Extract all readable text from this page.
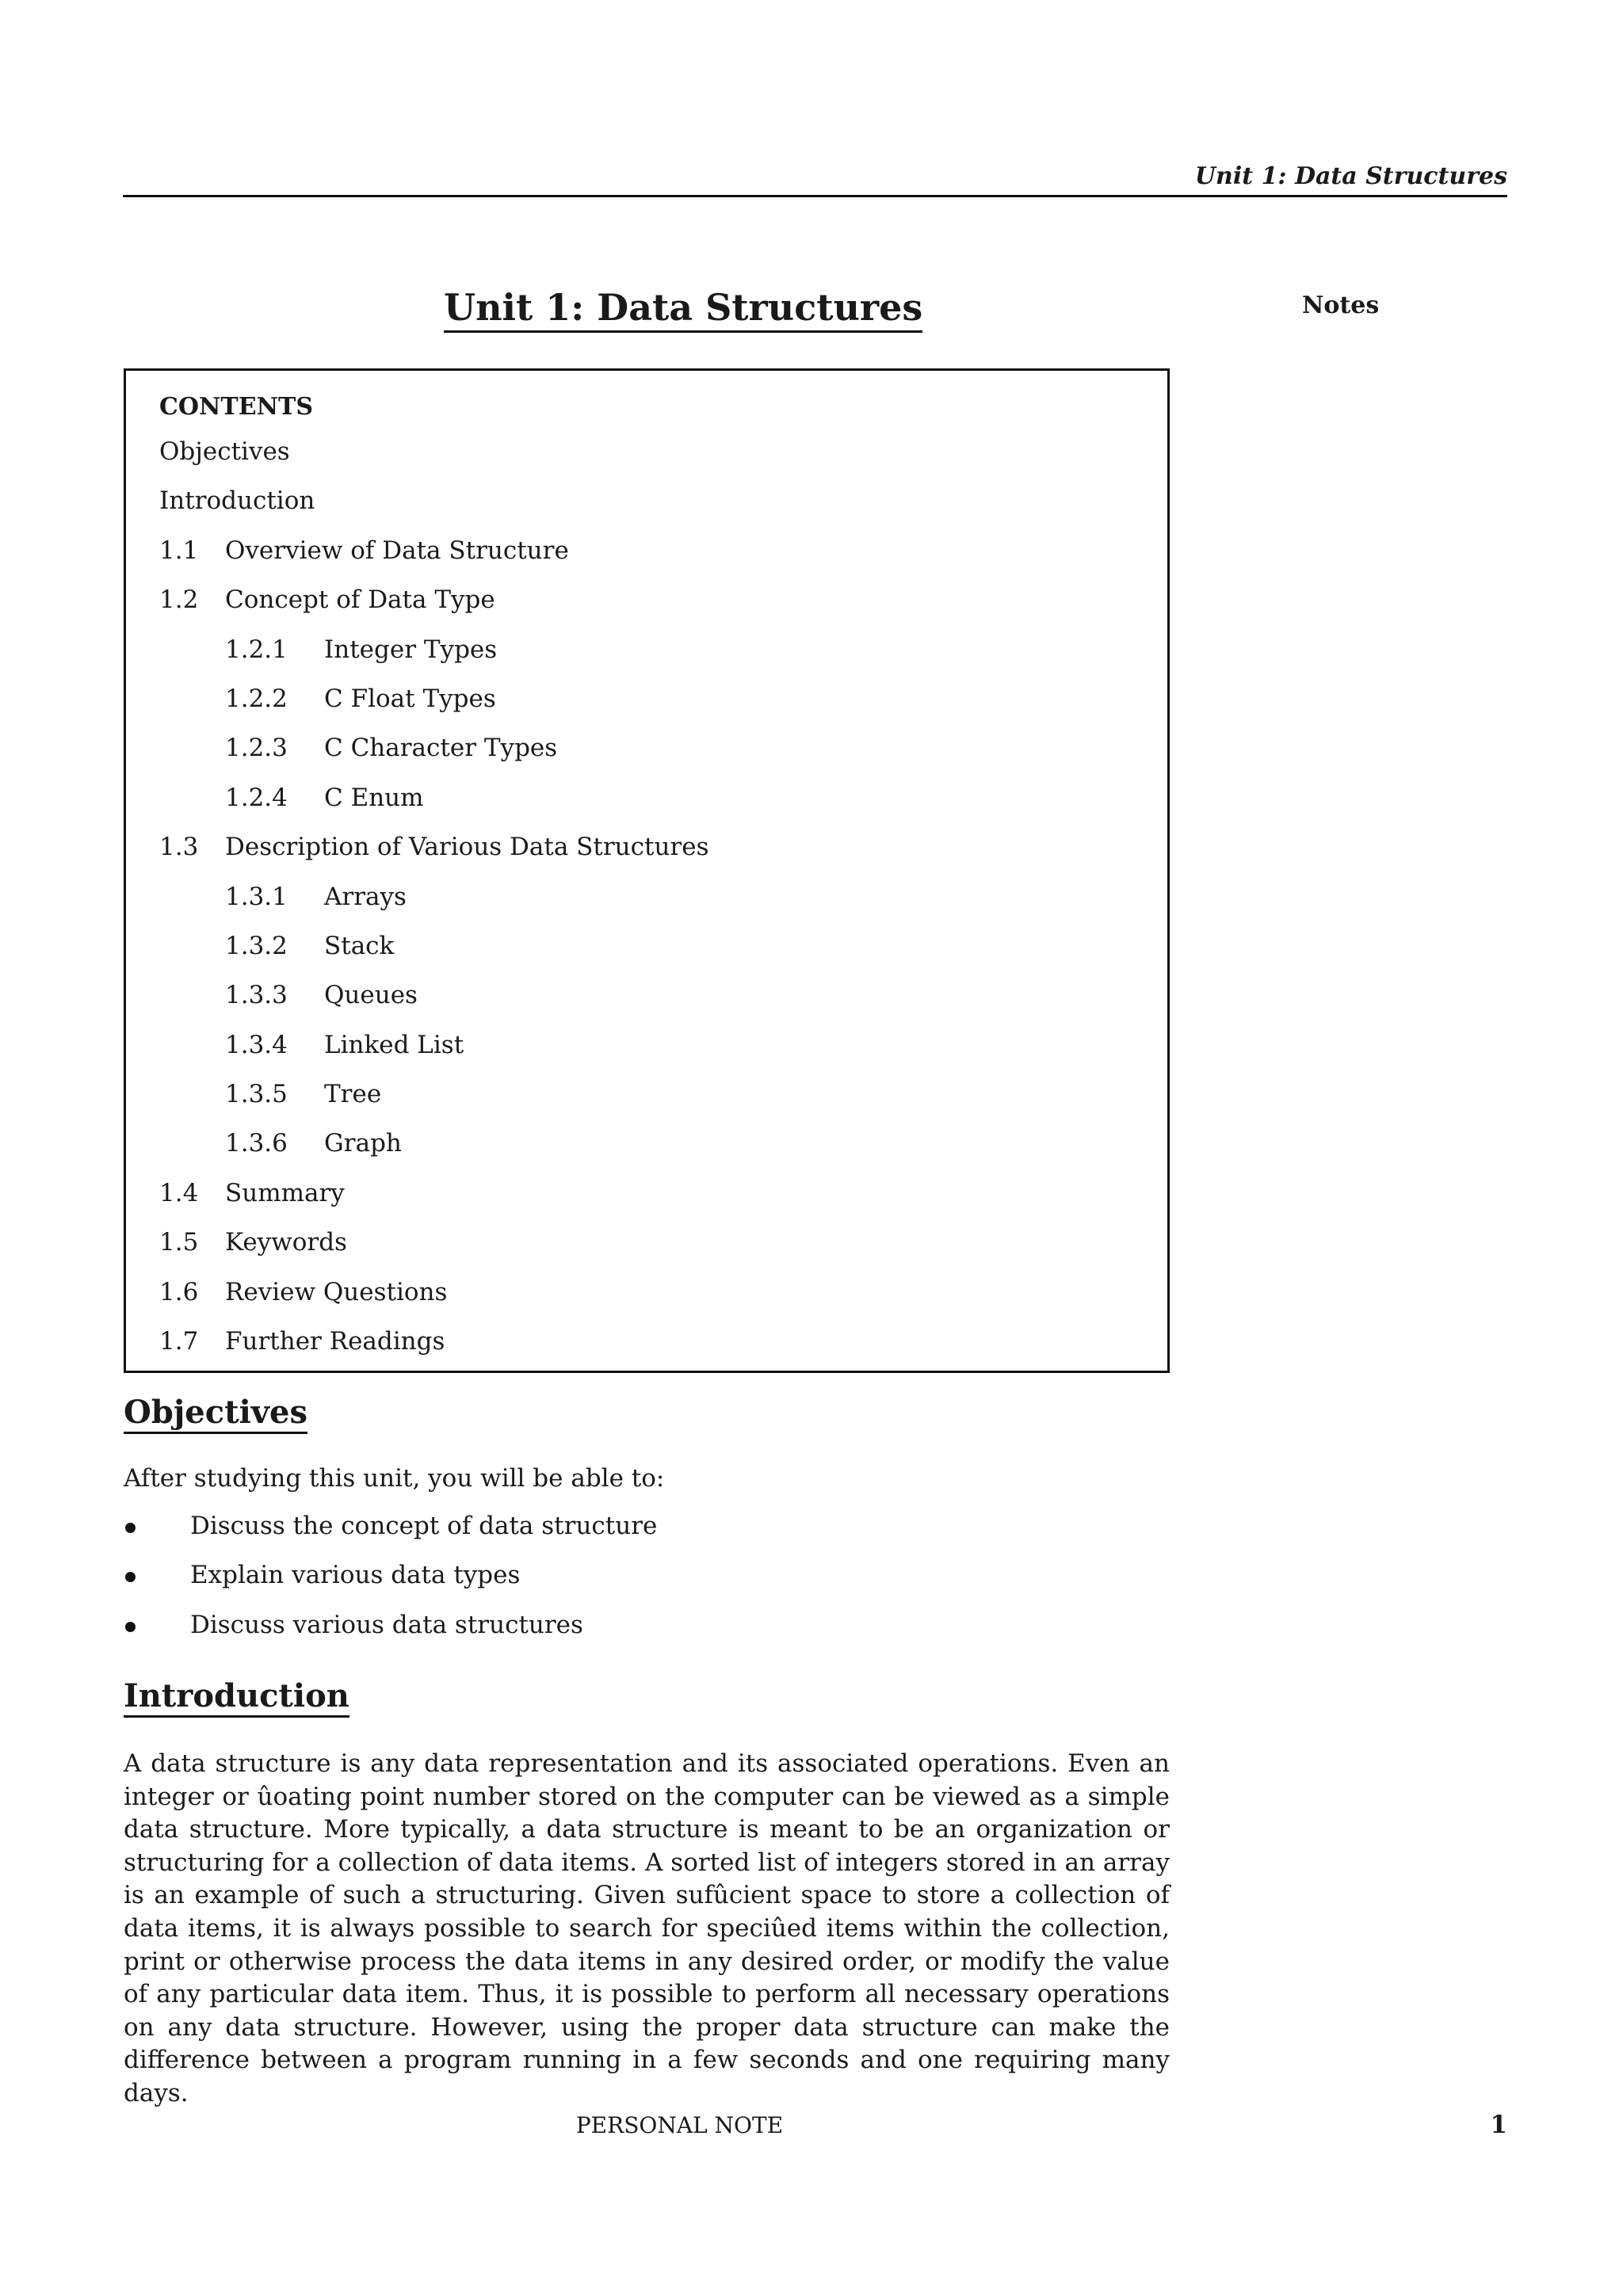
Unit 1: Data Structures
Notes
Unit 1: Data Structures
CONTENTS
Objectives
Introduction
1.1 Overview of Data Structure
1.2 Concept of Data Type
1.2.1 Integer Types
1.2.2 C Float Types
1.2.3 C Character Types
1.2.4 C Enum
1.3 Description of Various Data Structures
1.3.1 Arrays
1.3.2 Stack
1.3.3 Queues
1.3.4 Linked List
1.3.5 Tree
1.3.6 Graph
1.4 Summary
1.5 Keywords
1.6 Review Questions
1.7 Further Readings
Objectives
After studying this unit, you will be able to:
Discuss the concept of data structure
Explain various data types
Discuss various data structures
Introduction

A data structure is any data representation and its associated operations. Even an integer or ûoating point number stored on the computer can be viewed as a simple data structure. More typically, a data structure is meant to be an organization or structuring for a collection of data items. A sorted list of integers stored in an array is an example of such a structuring. Given sufûcient space to store a collection of data items, it is always possible to search for speciûed items within the collection, print or otherwise process the data items in any desired order, or modify the value of any particular data item. Thus, it is possible to perform all necessary operations on any data structure. However, using the proper data structure can make the difference between a program running in a few seconds and one requiring many days.

PERSONAL NOTE	1
